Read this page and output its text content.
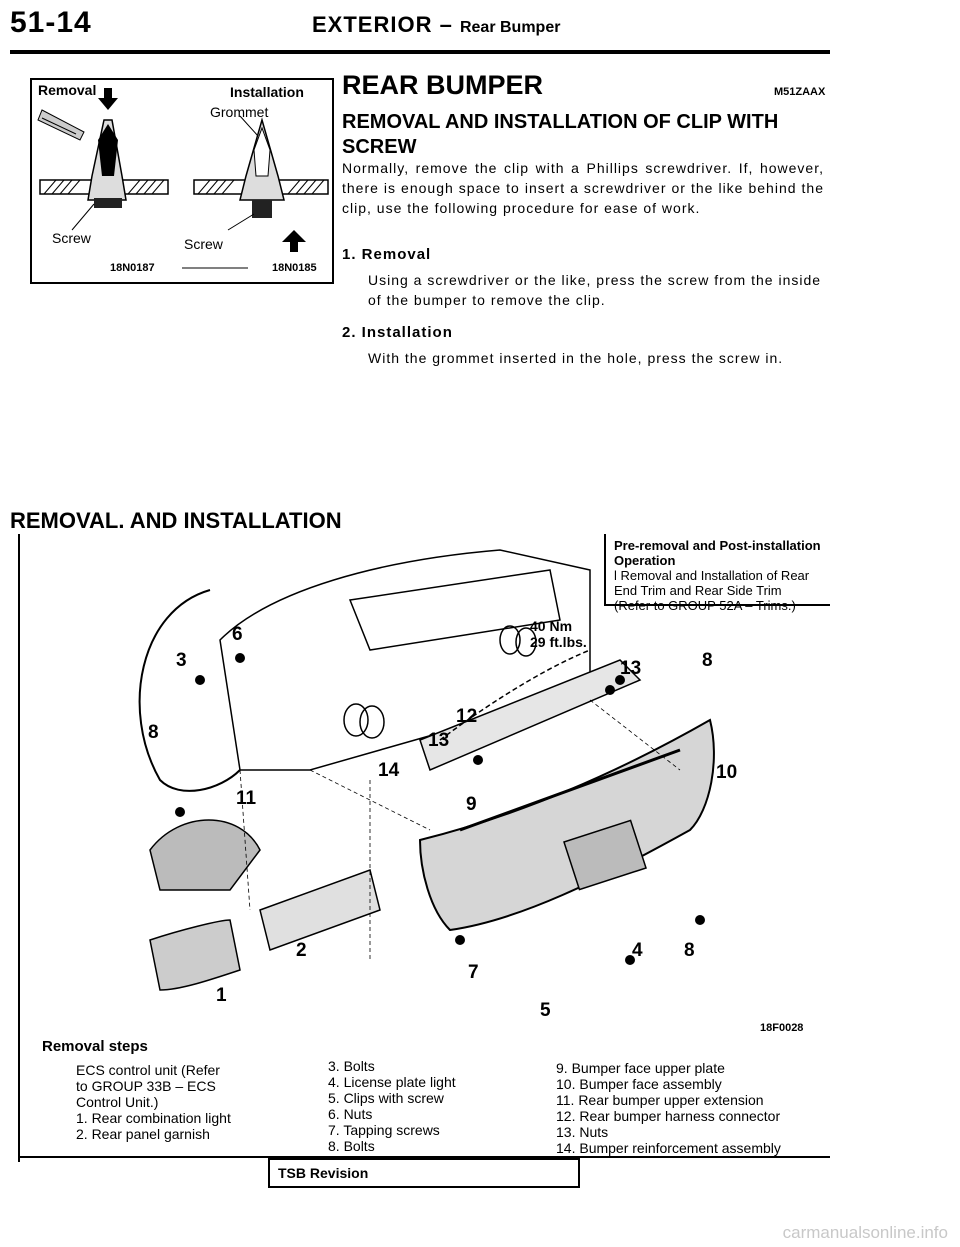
51-14	EXTERIOR – Rear Bumper
Removal	Installation
Grommet
Screw	Screw
18N0187	18N0185
REAR BUMPER	M51ZAAX
REMOVAL AND INSTALLATION OF CLIP WITH SCREW
Normally, remove the clip with a Phillips screwdriver. If, however, there is enough space to insert a screwdriver or the like behind the clip, use the following procedure for ease of work.
1. Removal
Using a screwdriver or the like, press the screw from the inside of the bumper to remove the clip.
2. Installation
With the grommet inserted in the hole, press the screw in.
REMOVAL. AND INSTALLATION
Pre-removal and Post-installation Operation
l Removal and Installation of Rear End Trim and Rear Side Trim
(Refer to GROUP 52A – Trims.)
1
2
3
4
5
6
7
8
8
8
9
10
11
12
13
13
14
40 Nm
29 ft.lbs.
18F0028
Removal steps
ECS control unit (Refer
to GROUP 33B – ECS
Control Unit.)
1. Rear combination light
2. Rear panel garnish
3. Bolts
4. License plate light
5. Clips with screw
6. Nuts
7. Tapping screws
8. Bolts
9. Bumper face upper plate
10. Bumper face assembly
11. Rear bumper upper extension
12. Rear bumper harness connector
13. Nuts
14. Bumper reinforcement assembly
TSB Revision
carmanualsonline.info
